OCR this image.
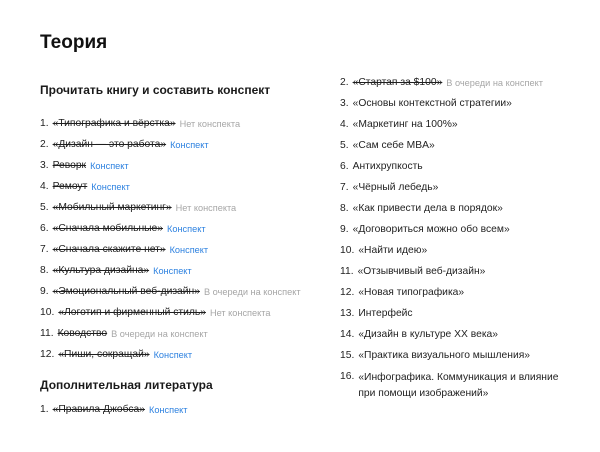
Теория
Прочитать книгу и составить конспект
1. «Типографика и вёрстка» Нет конспекта
2. «Дизайн — это работа» Конспект
3. Реворк Конспект
4. Ремоут Конспект
5. «Мобильный маркетинг» Нет конспекта
6. «Сначала мобильные» Конспект
7. «Сначала скажите нет» Конспект
8. «Культура дизайна» Конспект
9. «Эмоциональный веб-дизайн» В очереди на конспект
10. «Логотип и фирменный стиль» Нет конспекта
11. Ководство В очереди на конспект
12. «Пиши, сокращай» Конспект
Дополнительная литература
1. «Правила Джобса» Конспект
2. «Стартап за $100» В очереди на конспект
3. «Основы контекстной стратегии»
4. «Маркетинг на 100%»
5. «Сам себе MBA»
6. Антихрупкость
7. «Чёрный лебедь»
8. «Как привести дела в порядок»
9. «Договориться можно обо всем»
10. «Найти идею»
11. «Отзывчивый веб-дизайн»
12. «Новая типографика»
13. Интерфейс
14. «Дизайн в культуре XX века»
15. «Практика визуального мышления»
16. «Инфографика. Коммуникация и влияние
при помощи изображений»
